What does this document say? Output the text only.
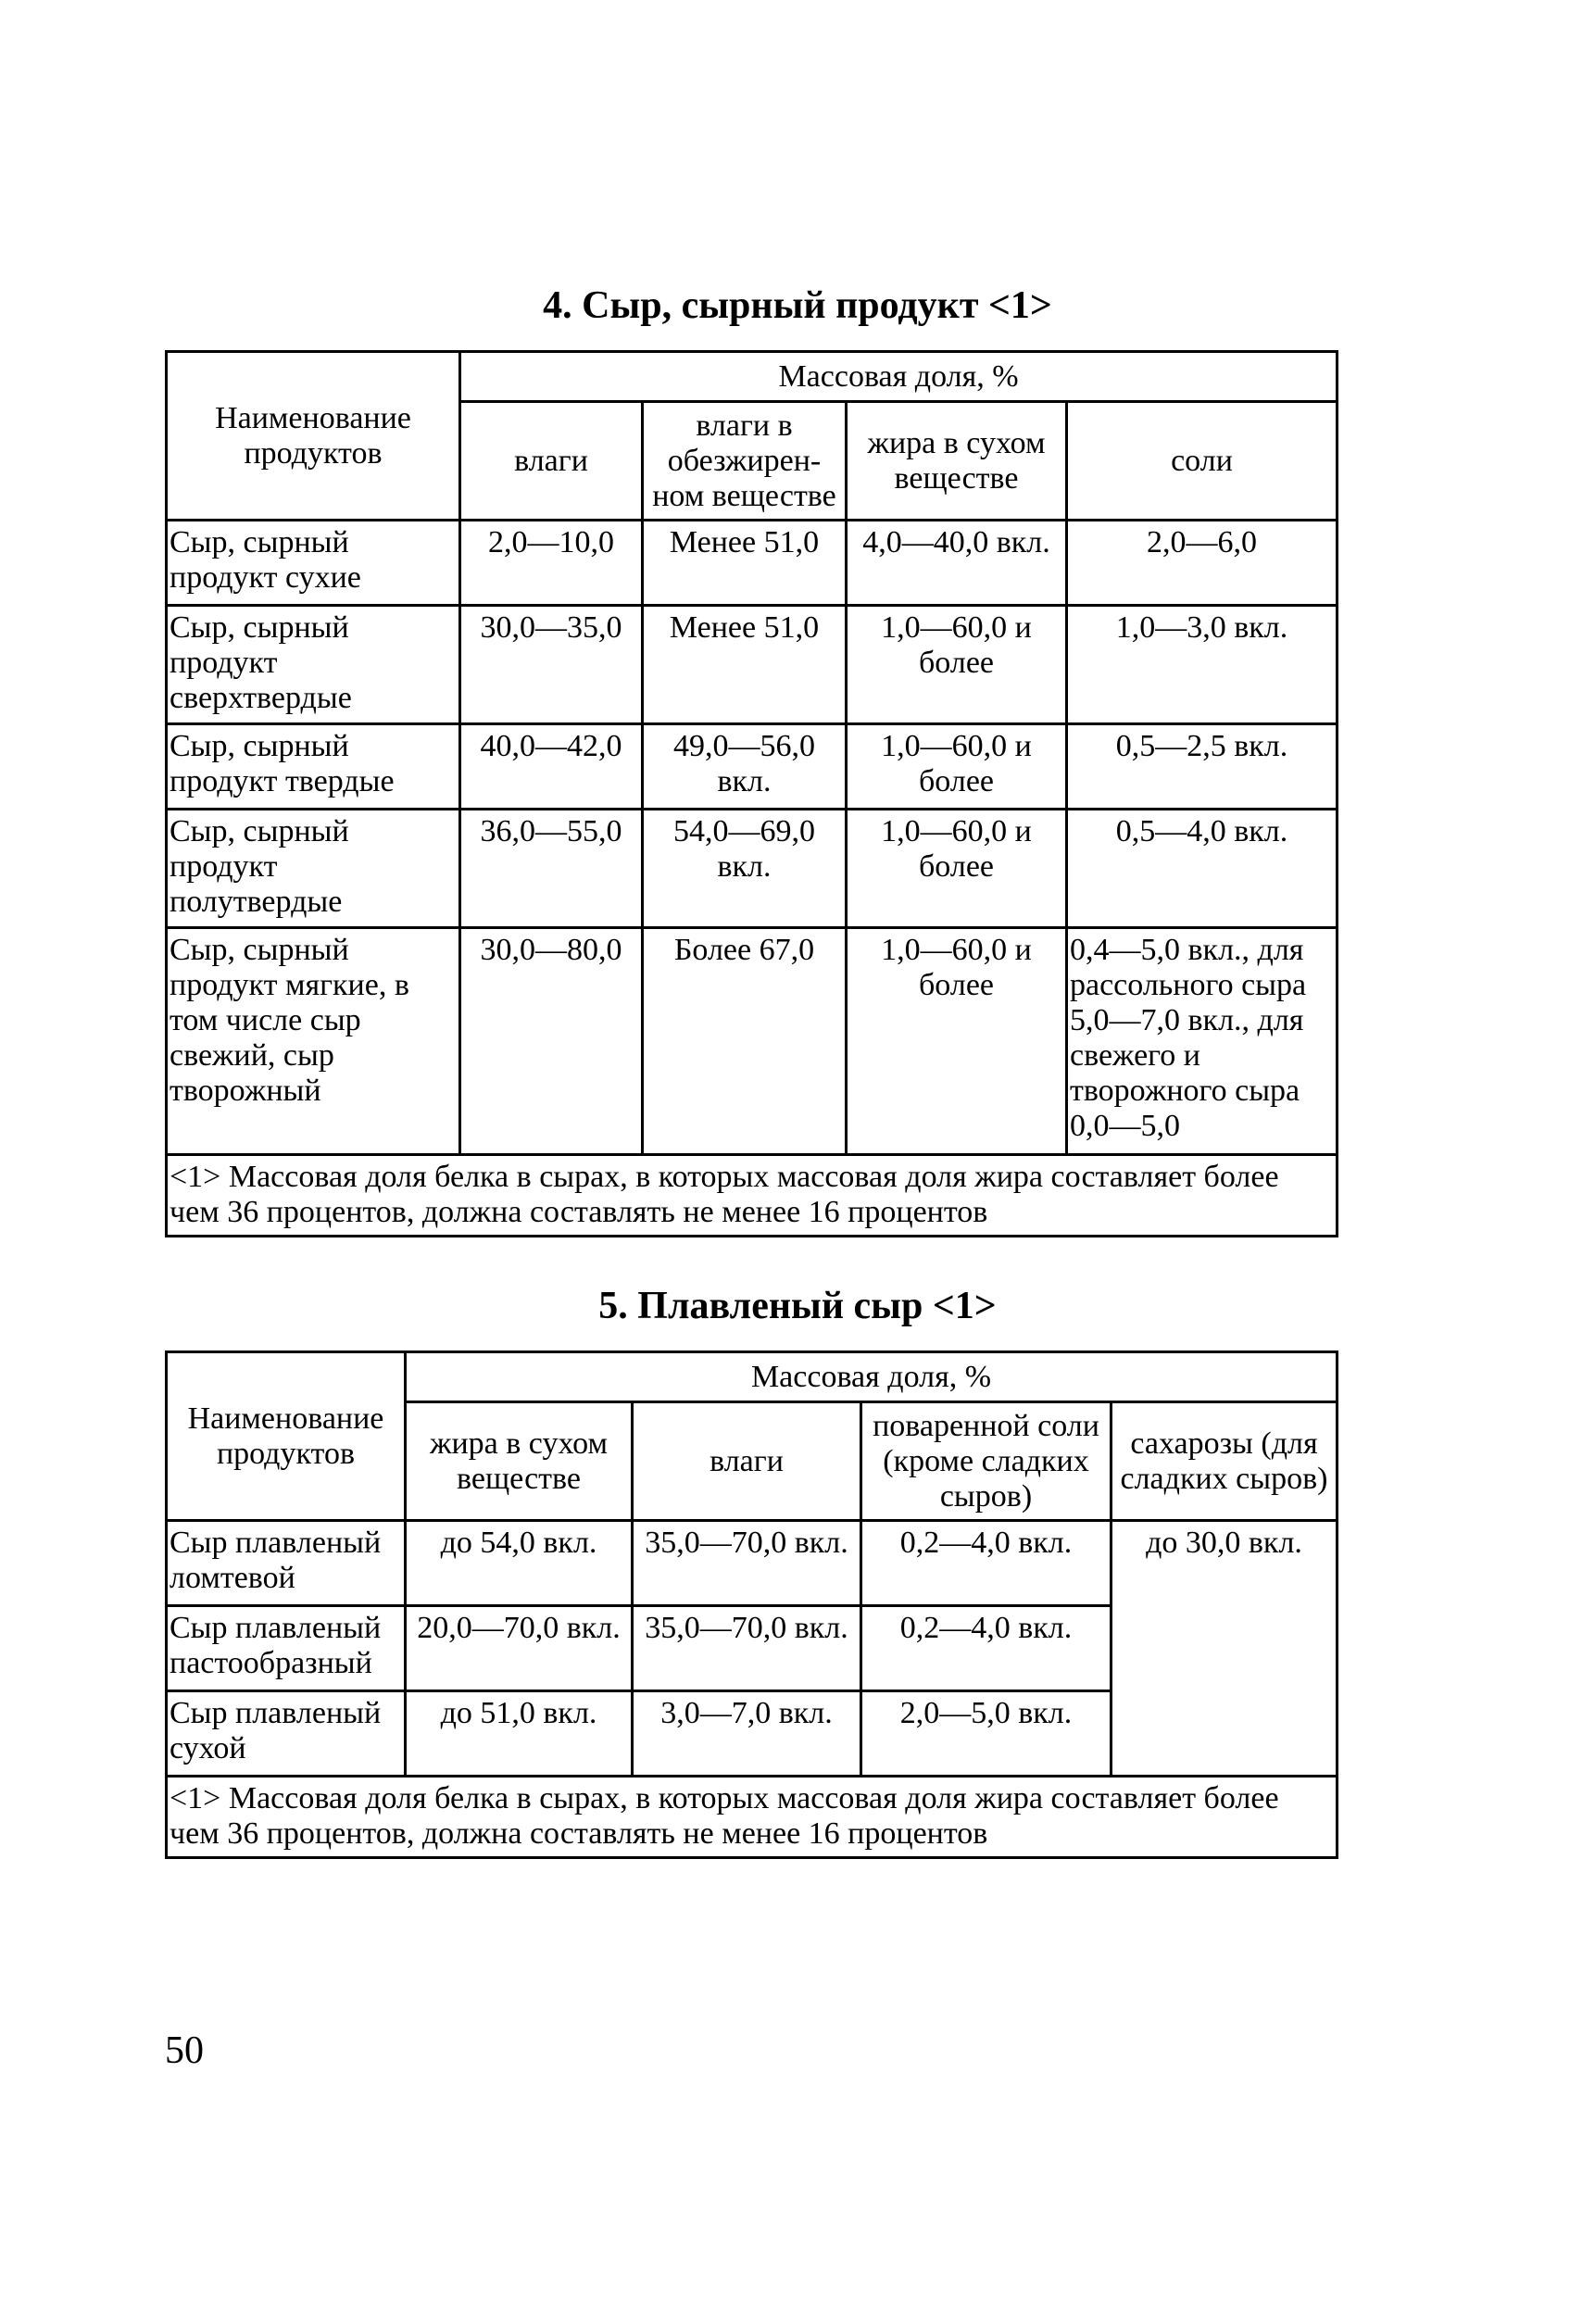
4. Сыр, сырный продукт <1>
Наименование продуктов	Массовая доля, %			
	влаги	влаги в обезжирен-ном веществе	жира в сухом веществе	соли
Сыр, сырный продукт сухие	2,0—10,0	Менее 51,0	4,0—40,0 вкл.	2,0—6,0
Сыр, сырный продукт сверхтвердые	30,0—35,0	Менее 51,0	1,0—60,0 и более	1,0—3,0 вкл.
Сыр, сырный продукт твердые	40,0—42,0	49,0—56,0 вкл.	1,0—60,0 и более	0,5—2,5 вкл.
Сыр, сырный продукт полутвердые	36,0—55,0	54,0—69,0 вкл.	1,0—60,0 и более	0,5—4,0 вкл.
Сыр, сырный продукт мягкие, в том числе сыр свежий, сыр творожный	30,0—80,0	Более 67,0	1,0—60,0 и более	0,4—5,0 вкл., для рассольного сыра 5,0—7,0 вкл., для свежего и творожного сыра 0,0—5,0
<1> Массовая доля белка в сырах, в которых массовая доля жира составляет более чем 36 процентов, должна составлять не менее 16 процентов				
5. Плавленый сыр <1>
Наименование продуктов	Массовая доля, %			
	жира в сухом веществе	влаги	поваренной соли (кроме сладких сыров)	сахарозы (для сладких сыров)
Сыр плавленый ломтевой	до 54,0 вкл.	35,0—70,0 вкл.	0,2—4,0 вкл.	до 30,0 вкл.
Сыр плавленый пастообразный	20,0—70,0 вкл.	35,0—70,0 вкл.	0,2—4,0 вкл.	
Сыр плавленый сухой	до 51,0 вкл.	3,0—7,0 вкл.	2,0—5,0 вкл.	
<1> Массовая доля белка в сырах, в которых массовая доля жира составляет более чем 36 процентов, должна составлять не менее 16 процентов				
50
